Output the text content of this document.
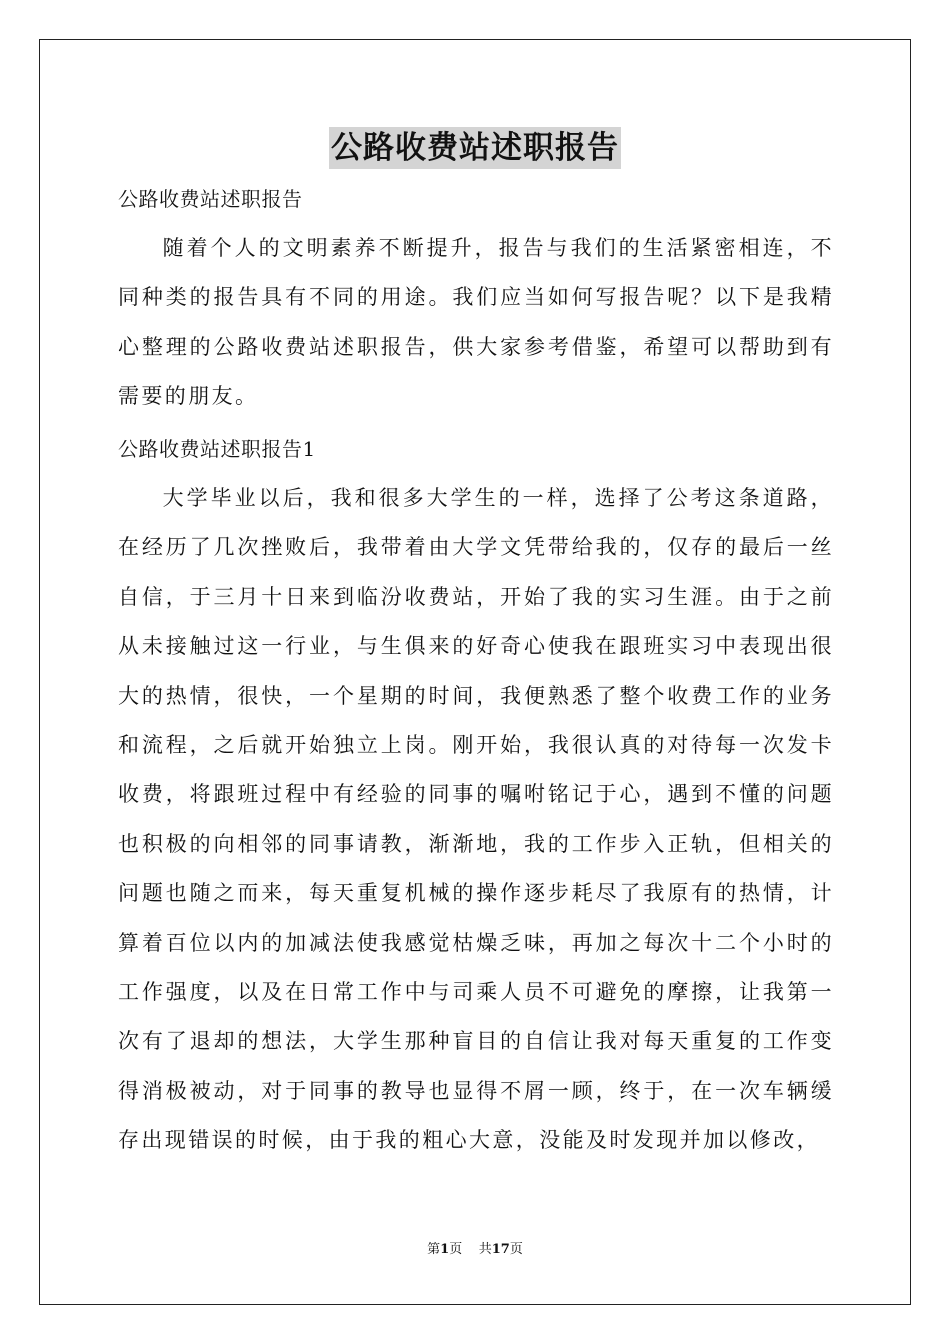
公路收费站述职报告
公路收费站述职报告
随着个人的文明素养不断提升，报告与我们的生活紧密相连，不同种类的报告具有不同的用途。我们应当如何写报告呢？以下是我精心整理的公路收费站述职报告，供大家参考借鉴，希望可以帮助到有需要的朋友。
公路收费站述职报告1
大学毕业以后，我和很多大学生的一样，选择了公考这条道路，在经历了几次挫败后，我带着由大学文凭带给我的，仅存的最后一丝自信，于三月十日来到临汾收费站，开始了我的实习生涯。由于之前从未接触过这一行业，与生俱来的好奇心使我在跟班实习中表现出很大的热情，很快，一个星期的时间，我便熟悉了整个收费工作的业务和流程，之后就开始独立上岗。刚开始，我很认真的对待每一次发卡收费，将跟班过程中有经验的同事的嘱咐铭记于心，遇到不懂的问题也积极的向相邻的同事请教，渐渐地，我的工作步入正轨，但相关的问题也随之而来，每天重复机械的操作逐步耗尽了我原有的热情，计算着百位以内的加减法使我感觉枯燥乏味，再加之每次十二个小时的工作强度，以及在日常工作中与司乘人员不可避免的摩擦，让我第一次有了退却的想法，大学生那种盲目的自信让我对每天重复的工作变得消极被动，对于同事的教导也显得不屑一顾，终于，在一次车辆缓存出现错误的时候，由于我的粗心大意，没能及时发现并加以修改，
第1页 共17页
